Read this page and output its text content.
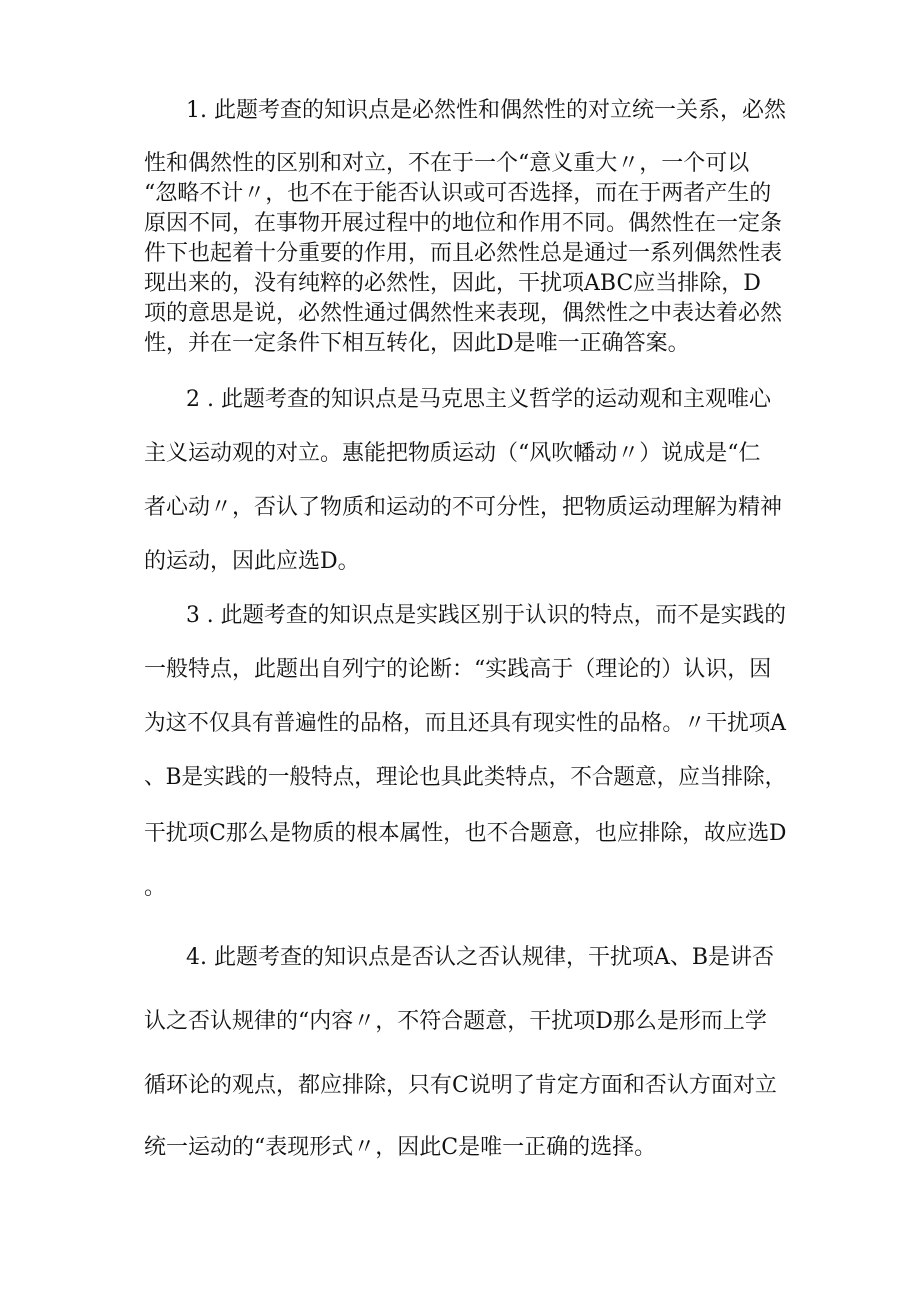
1. 此题考查的知识点是必然性和偶然性的对立统一关系，必然
性和偶然性的区别和对立，不在于一个“意义重大〃，一个可以
“忽略不计〃，也不在于能否认识或可否选择，而在于两者产生的
原因不同，在事物开展过程中的地位和作用不同。偶然性在一定条
件下也起着十分重要的作用，而且必然性总是通过一系列偶然性表
现出来的，没有纯粹的必然性，因此，干扰项ABC应当排除，D
项的意思是说，必然性通过偶然性来表现，偶然性之中表达着必然
性，并在一定条件下相互转化，因此D是唯一正确答案。
2 . 此题考查的知识点是马克思主义哲学的运动观和主观唯心
主义运动观的对立。惠能把物质运动（“风吹幡动〃）说成是“仁
者心动〃，否认了物质和运动的不可分性，把物质运动理解为精神
的运动，因此应选D。
3 . 此题考查的知识点是实践区别于认识的特点，而不是实践的
一般特点，此题出自列宁的论断：“实践高于（理论的）认识，因
为这不仅具有普遍性的品格，而且还具有现实性的品格。〃干扰项A
、B是实践的一般特点，理论也具此类特点，不合题意，应当排除，
干扰项C那么是物质的根本属性，也不合题意，也应排除，故应选D
。
4. 此题考查的知识点是否认之否认规律，干扰项A、B是讲否
认之否认规律的“内容〃，不符合题意，干扰项D那么是形而上学
循环论的观点，都应排除，只有C说明了肯定方面和否认方面对立
统一运动的“表现形式〃，因此C是唯一正确的选择。
